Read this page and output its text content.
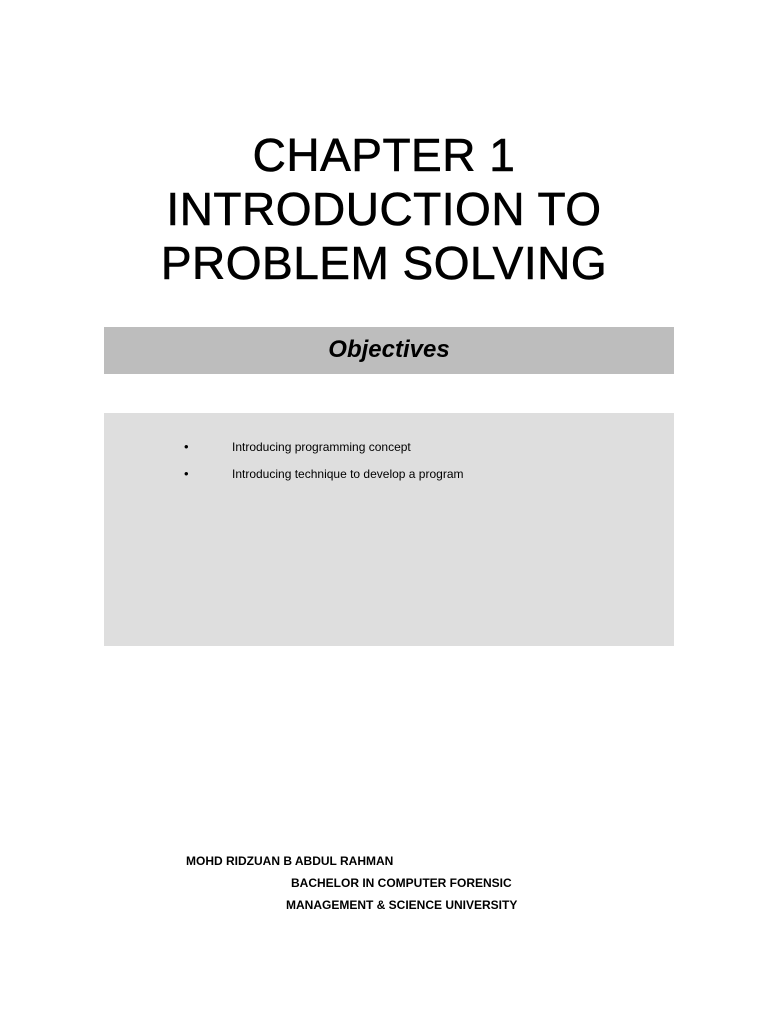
CHAPTER 1
INTRODUCTION TO
PROBLEM SOLVING
Objectives
•	Introducing programming concept
•	Introducing technique to develop a program
MOHD RIDZUAN B ABDUL RAHMAN
BACHELOR IN COMPUTER FORENSIC
MANAGEMENT & SCIENCE UNIVERSITY
